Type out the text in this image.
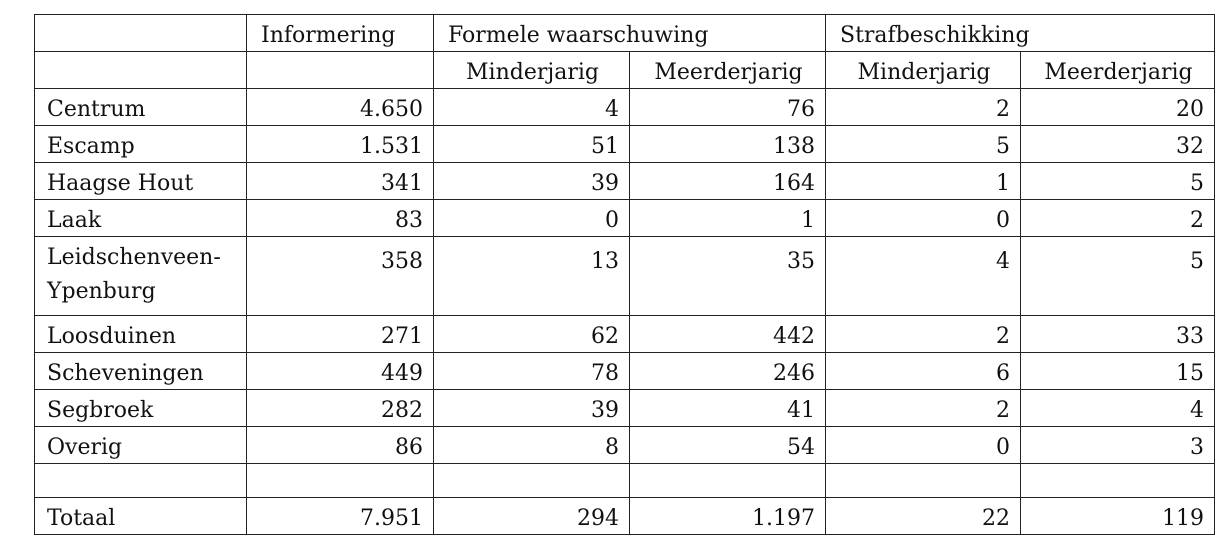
	Informering	Formele waarschuwing		Strafbeschikking	
		Minderjarig	Meerderjarig	Minderjarig	Meerderjarig
Centrum	4.650	4	76	2	20
Escamp	1.531	51	138	5	32
Haagse Hout	341	39	164	1	5
Laak	83	0	1	0	2
Leidschenveen-Ypenburg	358	13	35	4	5
Loosduinen	271	62	442	2	33
Scheveningen	449	78	246	6	15
Segbroek	282	39	41	2	4
Overig	86	8	54	0	3

Totaal	7.951	294	1.197	22	119
